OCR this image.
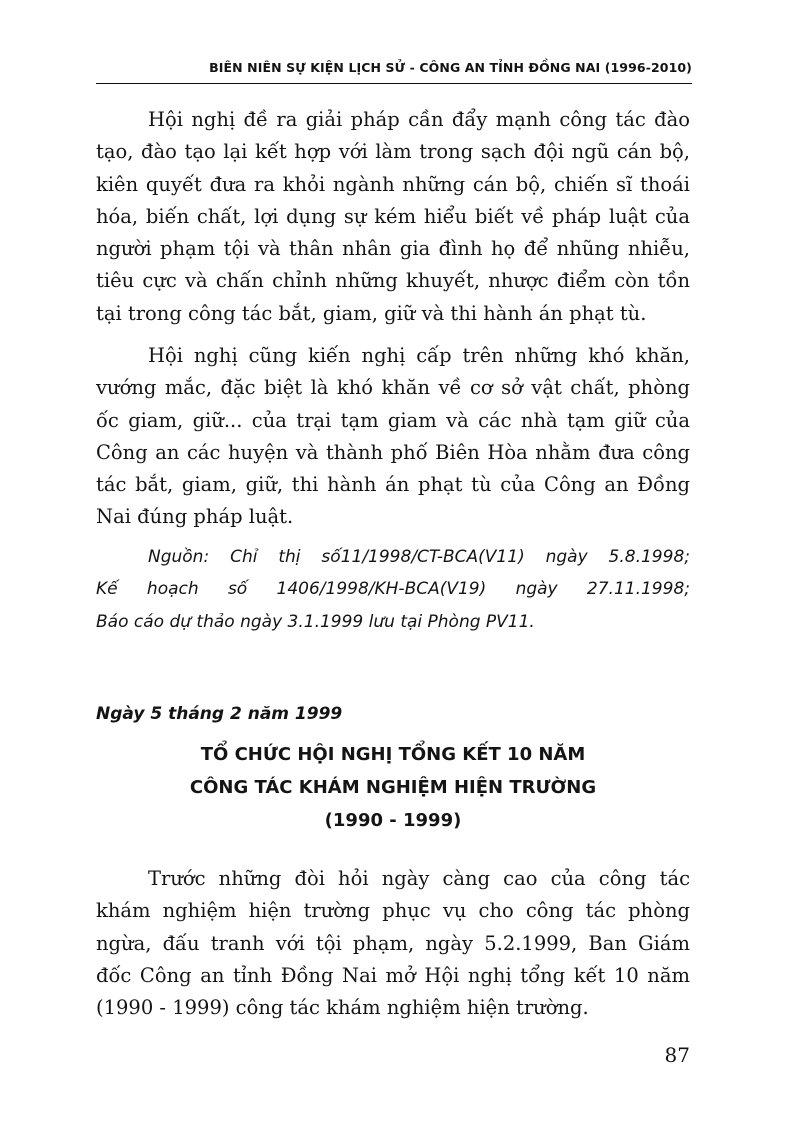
BIÊN NIÊN SỰ KIỆN LỊCH SỬ - CÔNG AN TỈNH ĐỒNG NAI (1996-2010)

Hội nghị đề ra giải pháp cần đẩy mạnh công tác đào
tạo, đào tạo lại kết hợp với làm trong sạch đội ngũ cán bộ,
kiên quyết đưa ra khỏi ngành những cán bộ, chiến sĩ thoái
hóa, biến chất, lợi dụng sự kém hiểu biết về pháp luật của
người phạm tội và thân nhân gia đình họ để nhũng nhiễu,
tiêu cực và chấn chỉnh những khuyết, nhược điểm còn tồn
tại trong công tác bắt, giam, giữ và thi hành án phạt tù.

Hội nghị cũng kiến nghị cấp trên những khó khăn,
vướng mắc, đặc biệt là khó khăn về cơ sở vật chất, phòng
ốc giam, giữ... của trại tạm giam và các nhà tạm giữ của
Công an các huyện và thành phố Biên Hòa nhằm đưa công
tác bắt, giam, giữ, thi hành án phạt tù của Công an Đồng
Nai đúng pháp luật.

Nguồn: Chỉ thị số11/1998/CT-BCA(V11) ngày 5.8.1998;
Kế hoạch số 1406/1998/KH-BCA(V19) ngày 27.11.1998;
Báo cáo dự thảo ngày 3.1.1999 lưu tại Phòng PV11.

Ngày 5 tháng 2 năm 1999
TỔ CHỨC HỘI NGHỊ TỔNG KẾT 10 NĂM
CÔNG TÁC KHÁM NGHIỆM HIỆN TRƯỜNG
(1990 - 1999)

Trước những đòi hỏi ngày càng cao của công tác
khám nghiệm hiện trường phục vụ cho công tác phòng
ngừa, đấu tranh với tội phạm, ngày 5.2.1999, Ban Giám
đốc Công an tỉnh Đồng Nai mở Hội nghị tổng kết 10 năm
(1990 - 1999) công tác khám nghiệm hiện trường.

87
